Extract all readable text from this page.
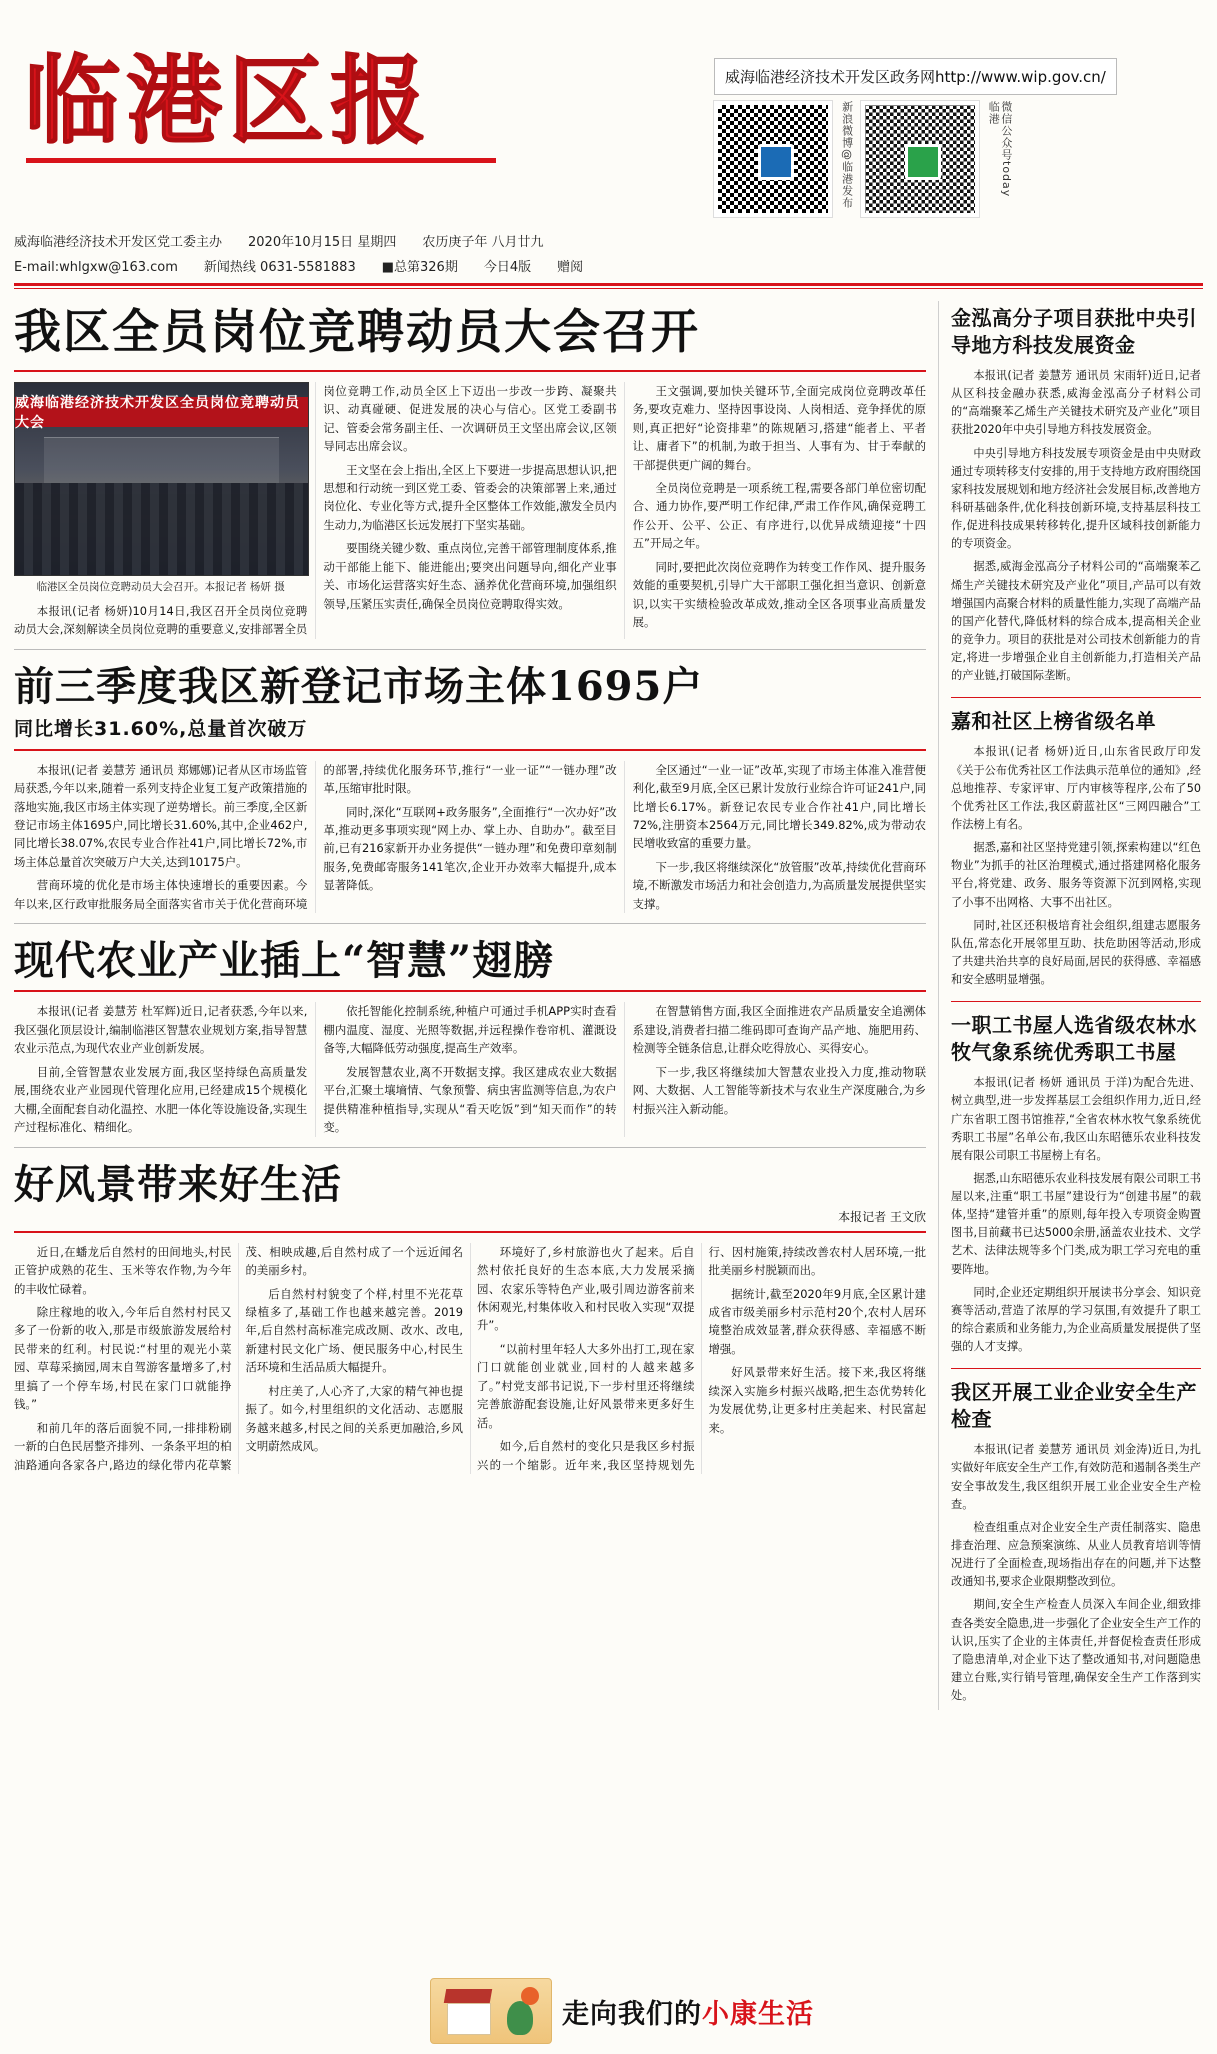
临港区报	威海临港经济技术开发区政务网http://www.wip.gov.cn/
新浪微博@临港发布	微信公众号today临港
威海临港经济技术开发区党工委主办 2020年10月15日 星期四 农历庚子年 八月廿九
E-mail:whlgxw@163.com 新闻热线 0631-5581883 ■总第326期 今日4版 赠阅
我区全员岗位竞聘动员大会召开
威海临港经济技术开发区全员岗位竞聘动员大会
临港区全员岗位竞聘动员大会召开。本报记者 杨妍 摄

本报讯(记者 杨妍)10月14日,我区召开全员岗位竞聘动员大会,深刻解读全员岗位竞聘的重要意义,安排部署全员岗位竞聘工作,动员全区上下迈出一步改一步跨、凝聚共识、动真碰硬、促进发展的决心与信心。区党工委副书记、管委会常务副主任、一次调研员王文坚出席会议,区领导同志出席会议。

王文坚在会上指出,全区上下要进一步提高思想认识,把思想和行动统一到区党工委、管委会的决策部署上来,通过岗位化、专业化等方式,提升全区整体工作效能,激发全员内生动力,为临港区长远发展打下坚实基础。

要围绕关键少数、重点岗位,完善干部管理制度体系,推动干部能上能下、能进能出;要突出问题导向,细化产业事关、市场化运营落实好生态、涵养优化营商环境,加强组织领导,压紧压实责任,确保全员岗位竞聘取得实效。

王文强调,要加快关键环节,全面完成岗位竞聘改革任务,要攻克难力、坚持因事设岗、人岗相适、竞争择优的原则,真正把好“论资排辈”的陈规陋习,搭建“能者上、平者让、庸者下”的机制,为敢于担当、人事有为、甘于奉献的干部提供更广阔的舞台。

全员岗位竞聘是一项系统工程,需要各部门单位密切配合、通力协作,要严明工作纪律,严肃工作作风,确保竞聘工作公开、公平、公正、有序进行,以优异成绩迎接“十四五”开局之年。

同时,要把此次岗位竞聘作为转变工作作风、提升服务效能的重要契机,引导广大干部职工强化担当意识、创新意识,以实干实绩检验改革成效,推动全区各项事业高质量发展。

前三季度我区新登记市场主体1695户
同比增长31.60%,总量首次破万

本报讯(记者 姜慧芳 通讯员 郑娜娜)记者从区市场监管局获悉,今年以来,随着一系列支持企业复工复产政策措施的落地实施,我区市场主体实现了逆势增长。前三季度,全区新登记市场主体1695户,同比增长31.60%,其中,企业462户,同比增长38.07%,农民专业合作社41户,同比增长72%,市场主体总量首次突破万户大关,达到10175户。

营商环境的优化是市场主体快速增长的重要因素。今年以来,区行政审批服务局全面落实省市关于优化营商环境的部署,持续优化服务环节,推行“一业一证”“一链办理”改革,压缩审批时限。

同时,深化“互联网+政务服务”,全面推行“一次办好”改革,推动更多事项实现“网上办、掌上办、自助办”。截至目前,已有216家新开办业务提供“一链办理”和免费印章刻制服务,免费邮寄服务141笔次,企业开办效率大幅提升,成本显著降低。

全区通过“一业一证”改革,实现了市场主体准入准营便利化,截至9月底,全区已累计发放行业综合许可证241户,同比增长6.17%。新登记农民专业合作社41户,同比增长72%,注册资本2564万元,同比增长349.82%,成为带动农民增收致富的重要力量。

下一步,我区将继续深化“放管服”改革,持续优化营商环境,不断激发市场活力和社会创造力,为高质量发展提供坚实支撑。

现代农业产业插上“智慧”翅膀

本报讯(记者 姜慧芳 杜军辉)近日,记者获悉,今年以来,我区强化顶层设计,编制临港区智慧农业规划方案,指导智慧农业示范点,为现代农业产业创新发展。

目前,全管智慧农业发展方面,我区坚持绿色高质量发展,围绕农业产业园现代管理化应用,已经建成15个规模化大棚,全面配套自动化温控、水肥一体化等设施设备,实现生产过程标准化、精细化。

依托智能化控制系统,种植户可通过手机APP实时查看棚内温度、湿度、光照等数据,并远程操作卷帘机、灌溉设备等,大幅降低劳动强度,提高生产效率。

发展智慧农业,离不开数据支撑。我区建成农业大数据平台,汇聚土壤墒情、气象预警、病虫害监测等信息,为农户提供精准种植指导,实现从“看天吃饭”到“知天而作”的转变。

在智慧销售方面,我区全面推进农产品质量安全追溯体系建设,消费者扫描二维码即可查询产品产地、施肥用药、检测等全链条信息,让群众吃得放心、买得安心。

下一步,我区将继续加大智慧农业投入力度,推动物联网、大数据、人工智能等新技术与农业生产深度融合,为乡村振兴注入新动能。

好风景带来好生活
本报记者 王文欣

近日,在蟠龙后自然村的田间地头,村民正管护成熟的花生、玉米等农作物,为今年的丰收忙碌着。

除庄稼地的收入,今年后自然村村民又多了一份新的收入,那是市级旅游发展给村民带来的红利。村民说:“村里的观光小菜园、草莓采摘园,周末自驾游客量增多了,村里搞了一个停车场,村民在家门口就能挣钱。”

和前几年的落后面貌不同,一排排粉刷一新的白色民居整齐排列、一条条平坦的柏油路通向各家各户,路边的绿化带内花草繁茂、相映成趣,后自然村成了一个远近闻名的美丽乡村。

后自然村村貌变了个样,村里不光花草绿植多了,基础工作也越来越完善。2019年,后自然村高标准完成改厕、改水、改电,新建村民文化广场、便民服务中心,村民生活环境和生活品质大幅提升。

村庄美了,人心齐了,大家的精气神也提振了。如今,村里组织的文化活动、志愿服务越来越多,村民之间的关系更加融洽,乡风文明蔚然成风。

环境好了,乡村旅游也火了起来。后自然村依托良好的生态本底,大力发展采摘园、农家乐等特色产业,吸引周边游客前来休闲观光,村集体收入和村民收入实现“双提升”。

“以前村里年轻人大多外出打工,现在家门口就能创业就业,回村的人越来越多了。”村党支部书记说,下一步村里还将继续完善旅游配套设施,让好风景带来更多好生活。

如今,后自然村的变化只是我区乡村振兴的一个缩影。近年来,我区坚持规划先行、因村施策,持续改善农村人居环境,一批批美丽乡村脱颖而出。

据统计,截至2020年9月底,全区累计建成省市级美丽乡村示范村20个,农村人居环境整治成效显著,群众获得感、幸福感不断增强。

好风景带来好生活。接下来,我区将继续深入实施乡村振兴战略,把生态优势转化为发展优势,让更多村庄美起来、村民富起来。

金泓高分子项目获批中央引导地方科技发展资金

本报讯(记者 姜慧芳 通讯员 宋雨轩)近日,记者从区科技金融办获悉,威海金泓高分子材料公司的“高端聚苯乙烯生产关键技术研究及产业化”项目获批2020年中央引导地方科技发展资金。

中央引导地方科技发展专项资金是由中央财政通过专项转移支付安排的,用于支持地方政府围绕国家科技发展规划和地方经济社会发展目标,改善地方科研基础条件,优化科技创新环境,支持基层科技工作,促进科技成果转移转化,提升区域科技创新能力的专项资金。

据悉,威海金泓高分子材料公司的“高端聚苯乙烯生产关键技术研究及产业化”项目,产品可以有效增强国内高聚合材料的质量性能力,实现了高端产品的国产化替代,降低材料的综合成本,提高相关企业的竞争力。项目的获批是对公司技术创新能力的肯定,将进一步增强企业自主创新能力,打造相关产品的产业链,打破国际垄断。

嘉和社区上榜省级名单

本报讯(记者 杨妍)近日,山东省民政厅印发《关于公布优秀社区工作法典示范单位的通知》,经总地推荐、专家评审、厅内审核等程序,公布了50个优秀社区工作法,我区蔚蓝社区“三网四融合”工作法榜上有名。

据悉,嘉和社区坚持党建引领,探索构建以“红色物业”为抓手的社区治理模式,通过搭建网格化服务平台,将党建、政务、服务等资源下沉到网格,实现了小事不出网格、大事不出社区。

同时,社区还积极培育社会组织,组建志愿服务队伍,常态化开展邻里互助、扶危助困等活动,形成了共建共治共享的良好局面,居民的获得感、幸福感和安全感明显增强。

一职工书屋人选省级农林水牧气象系统优秀职工书屋

本报讯(记者 杨妍 通讯员 于洋)为配合先进、树立典型,进一步发挥基层工会组织作用力,近日,经广东省职工图书馆推荐,“全省农林水牧气象系统优秀职工书屋”名单公布,我区山东昭德乐农业科技发展有限公司职工书屋榜上有名。

据悉,山东昭德乐农业科技发展有限公司职工书屋以来,注重“职工书屋”建设行为“创建书屋”的载体,坚持“建管并重”的原则,每年投入专项资金购置图书,目前藏书已达5000余册,涵盖农业技术、文学艺术、法律法规等多个门类,成为职工学习充电的重要阵地。

同时,企业还定期组织开展读书分享会、知识竞赛等活动,营造了浓厚的学习氛围,有效提升了职工的综合素质和业务能力,为企业高质量发展提供了坚强的人才支撑。

我区开展工业企业安全生产检查

本报讯(记者 姜慧芳 通讯员 刘金涛)近日,为扎实做好年底安全生产工作,有效防范和遏制各类生产安全事故发生,我区组织开展工业企业安全生产检查。

检查组重点对企业安全生产责任制落实、隐患排查治理、应急预案演练、从业人员教育培训等情况进行了全面检查,现场指出存在的问题,并下达整改通知书,要求企业限期整改到位。

期间,安全生产检查人员深入车间企业,细致排查各类安全隐患,进一步强化了企业安全生产工作的认识,压实了企业的主体责任,并督促检查责任形成了隐患清单,对企业下达了整改通知书,对问题隐患建立台账,实行销号管理,确保安全生产工作落到实处。

走向我们的小康生活
